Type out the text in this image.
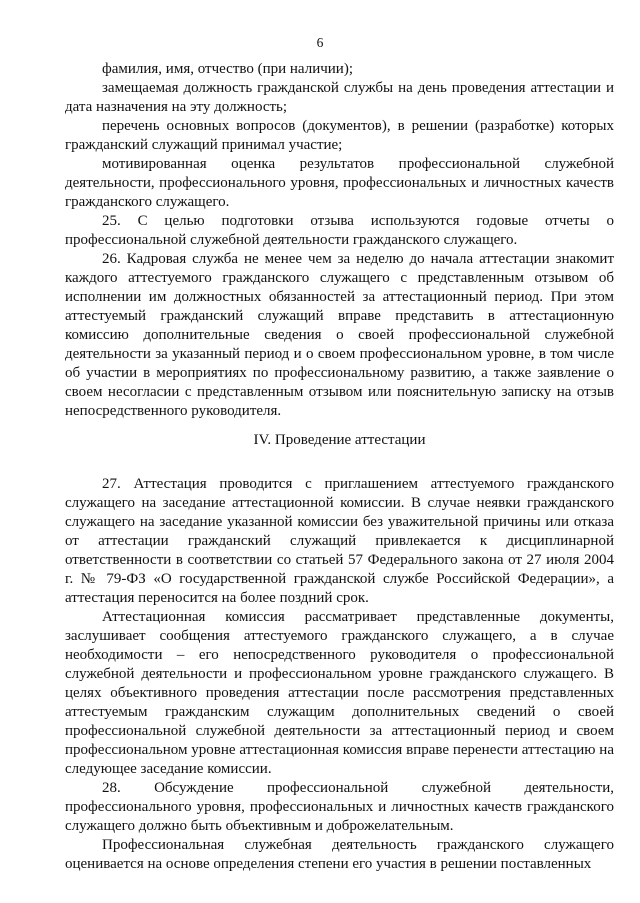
6

фамилия, имя, отчество (при наличии);

замещаемая должность гражданской службы на день проведения аттестации и дата назначения на эту должность;

перечень основных вопросов (документов), в решении (разработке) которых гражданский служащий принимал участие;

мотивированная оценка результатов профессиональной служебной деятельности, профессионального уровня, профессиональных и личностных качеств гражданского служащего.

25. С целью подготовки отзыва используются годовые отчеты о профессиональной служебной деятельности гражданского служащего.

26. Кадровая служба не менее чем за неделю до начала аттестации знакомит каждого аттестуемого гражданского служащего с представленным отзывом об исполнении им должностных обязанностей за аттестационный период. При этом аттестуемый гражданский служащий вправе представить в аттестационную комиссию дополнительные сведения о своей профессиональной служебной деятельности за указанный период и о своем профессиональном уровне, в том числе об участии в мероприятиях по профессиональному развитию, а также заявление о своем несогласии с представленным отзывом или пояснительную записку на отзыв непосредственного руководителя.

IV. Проведение аттестации

27. Аттестация проводится с приглашением аттестуемого гражданского служащего на заседание аттестационной комиссии. В случае неявки гражданского служащего на заседание указанной комиссии без уважительной причины или отказа от аттестации гражданский служащий привлекается к дисциплинарной ответственности в соответствии со статьей 57 Федерального закона от 27 июля 2004 г. № 79-ФЗ «О государственной гражданской службе Российской Федерации», а аттестация переносится на более поздний срок.

Аттестационная комиссия рассматривает представленные документы, заслушивает сообщения аттестуемого гражданского служащего, а в случае необходимости – его непосредственного руководителя о профессиональной служебной деятельности и профессиональном уровне гражданского служащего. В целях объективного проведения аттестации после рассмотрения представленных аттестуемым гражданским служащим дополнительных сведений о своей профессиональной служебной деятельности за аттестационный период и своем профессиональном уровне аттестационная комиссия вправе перенести аттестацию на следующее заседание комиссии.

28. Обсуждение профессиональной служебной деятельности, профессионального уровня, профессиональных и личностных качеств гражданского служащего должно быть объективным и доброжелательным.

Профессиональная служебная деятельность гражданского служащего оценивается на основе определения степени его участия в решении поставленных
